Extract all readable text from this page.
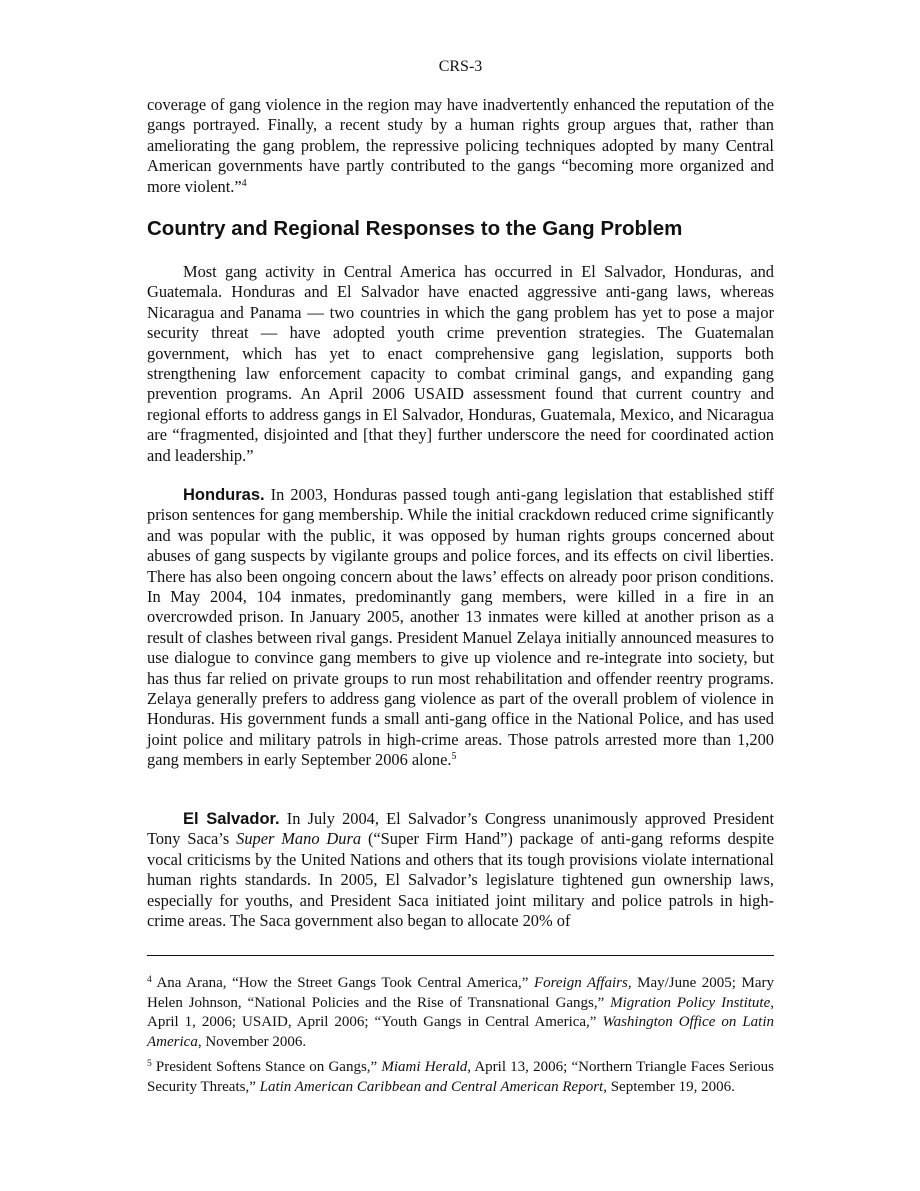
CRS-3

coverage of gang violence in the region may have inadvertently enhanced the reputation of the gangs portrayed. Finally, a recent study by a human rights group argues that, rather than ameliorating the gang problem, the repressive policing techniques adopted by many Central American governments have partly contributed to the gangs “becoming more organized and more violent.”$^4$

Country and Regional Responses to the Gang Problem

Most gang activity in Central America has occurred in El Salvador, Honduras, and Guatemala. Honduras and El Salvador have enacted aggressive anti-gang laws, whereas Nicaragua and Panama — two countries in which the gang problem has yet to pose a major security threat — have adopted youth crime prevention strategies. The Guatemalan government, which has yet to enact comprehensive gang legislation, supports both strengthening law enforcement capacity to combat criminal gangs, and expanding gang prevention programs. An April 2006 USAID assessment found that current country and regional efforts to address gangs in El Salvador, Honduras, Guatemala, Mexico, and Nicaragua are “fragmented, disjointed and [that they] further underscore the need for coordinated action and leadership.”

Honduras. In 2003, Honduras passed tough anti-gang legislation that established stiff prison sentences for gang membership. While the initial crackdown reduced crime significantly and was popular with the public, it was opposed by human rights groups concerned about abuses of gang suspects by vigilante groups and police forces, and its effects on civil liberties. There has also been ongoing concern about the laws’ effects on already poor prison conditions. In May 2004, 104 inmates, predominantly gang members, were killed in a fire in an overcrowded prison. In January 2005, another 13 inmates were killed at another prison as a result of clashes between rival gangs. President Manuel Zelaya initially announced measures to use dialogue to convince gang members to give up violence and re-integrate into society, but has thus far relied on private groups to run most rehabilitation and offender reentry programs. Zelaya generally prefers to address gang violence as part of the overall problem of violence in Honduras. His government funds a small anti-gang office in the National Police, and has used joint police and military patrols in high-crime areas. Those patrols arrested more than 1,200 gang members in early September 2006 alone.$^5$

El Salvador. In July 2004, El Salvador’s Congress unanimously approved President Tony Saca’s Super Mano Dura (“Super Firm Hand”) package of anti-gang reforms despite vocal criticisms by the United Nations and others that its tough provisions violate international human rights standards. In 2005, El Salvador’s legislature tightened gun ownership laws, especially for youths, and President Saca initiated joint military and police patrols in high-crime areas. The Saca government also began to allocate 20% of

$^4$ Ana Arana, “How the Street Gangs Took Central America,” Foreign Affairs, May/June 2005; Mary Helen Johnson, “National Policies and the Rise of Transnational Gangs,” Migration Policy Institute, April 1, 2006; USAID, April 2006; “Youth Gangs in Central America,” Washington Office on Latin America, November 2006.

$^5$ President Softens Stance on Gangs,” Miami Herald, April 13, 2006; “Northern Triangle Faces Serious Security Threats,” Latin American Caribbean and Central American Report, September 19, 2006.
